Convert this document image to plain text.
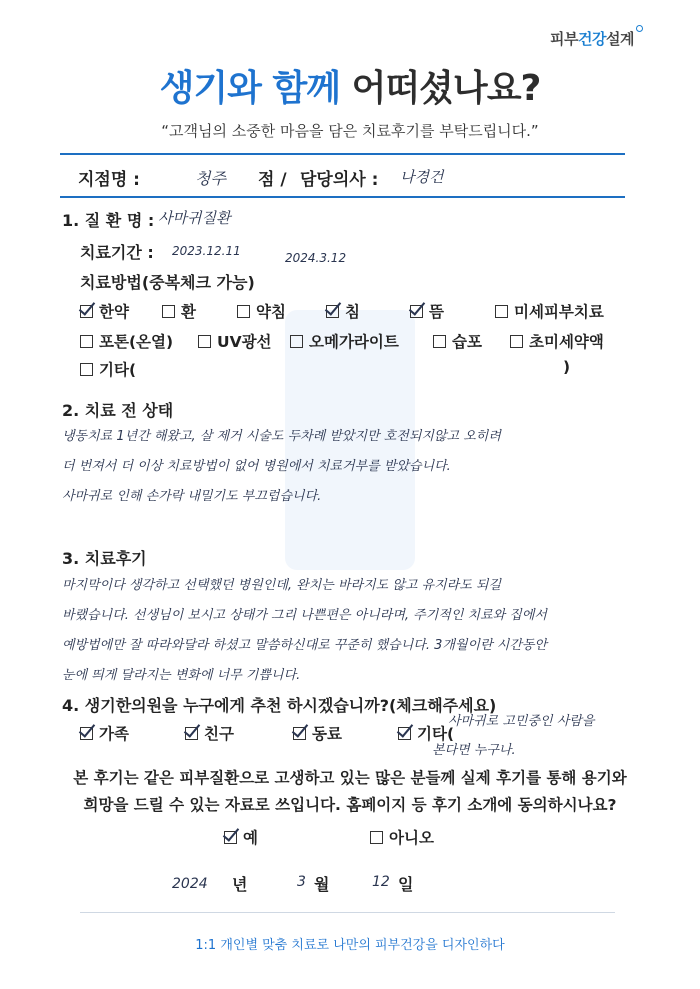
피부건강설계
생기와 함께 어떠셨나요?
“고객님의 소중한 마음을 담은 치료후기를 부탁드립니다.”
지점명 :	청주 점 / 담당의사 : 나경건
1. 질 환 명 : 사마귀질환
치료기간 : 2023.12.11	2024.3.12
치료방법(중복체크 가능)
한약	환	약침	침	뜸	미세피부치료
포톤(온열)	UV광선 오메가라이트	습포	초미세약액
기타(	)
2. 치료 전 상태
냉동치료 1년간 해왔고, 살 제거 시술도 두차례 받았지만 호전되지않고 오히려
더 번져서 더 이상 치료방법이 없어 병원에서 치료거부를 받았습니다.
사마귀로 인해 손가락 내밀기도 부끄럽습니다.
3. 치료후기
마지막이다 생각하고 선택했던 병원인데, 완치는 바라지도 않고 유지라도 되길
바랬습니다. 선생님이 보시고 상태가 그리 나쁜편은 아니라며, 주기적인 치료와 집에서
예방법에만 잘 따라와달라 하셨고 말씀하신대로 꾸준히 했습니다. 3개월이란 시간동안
눈에 띄게 달라지는 변화에 너무 기쁩니다.
4. 생기한의원을 누구에게 추천 하시겠습니까?(체크해주세요)
가족	친구	동료	기타(
사마귀로 고민중인 사람을
본다면 누구나.
본 후기는 같은 피부질환으로 고생하고 있는 많은 분들께 실제 후기를 통해 용기와
희망을 드릴 수 있는 자료로 쓰입니다. 홈페이지 등 후기 소개에 동의하시나요?
예	아니오
2024 년	3 월	12 일
1:1 개인별 맞춤 치료로 나만의 피부건강을 디자인하다
